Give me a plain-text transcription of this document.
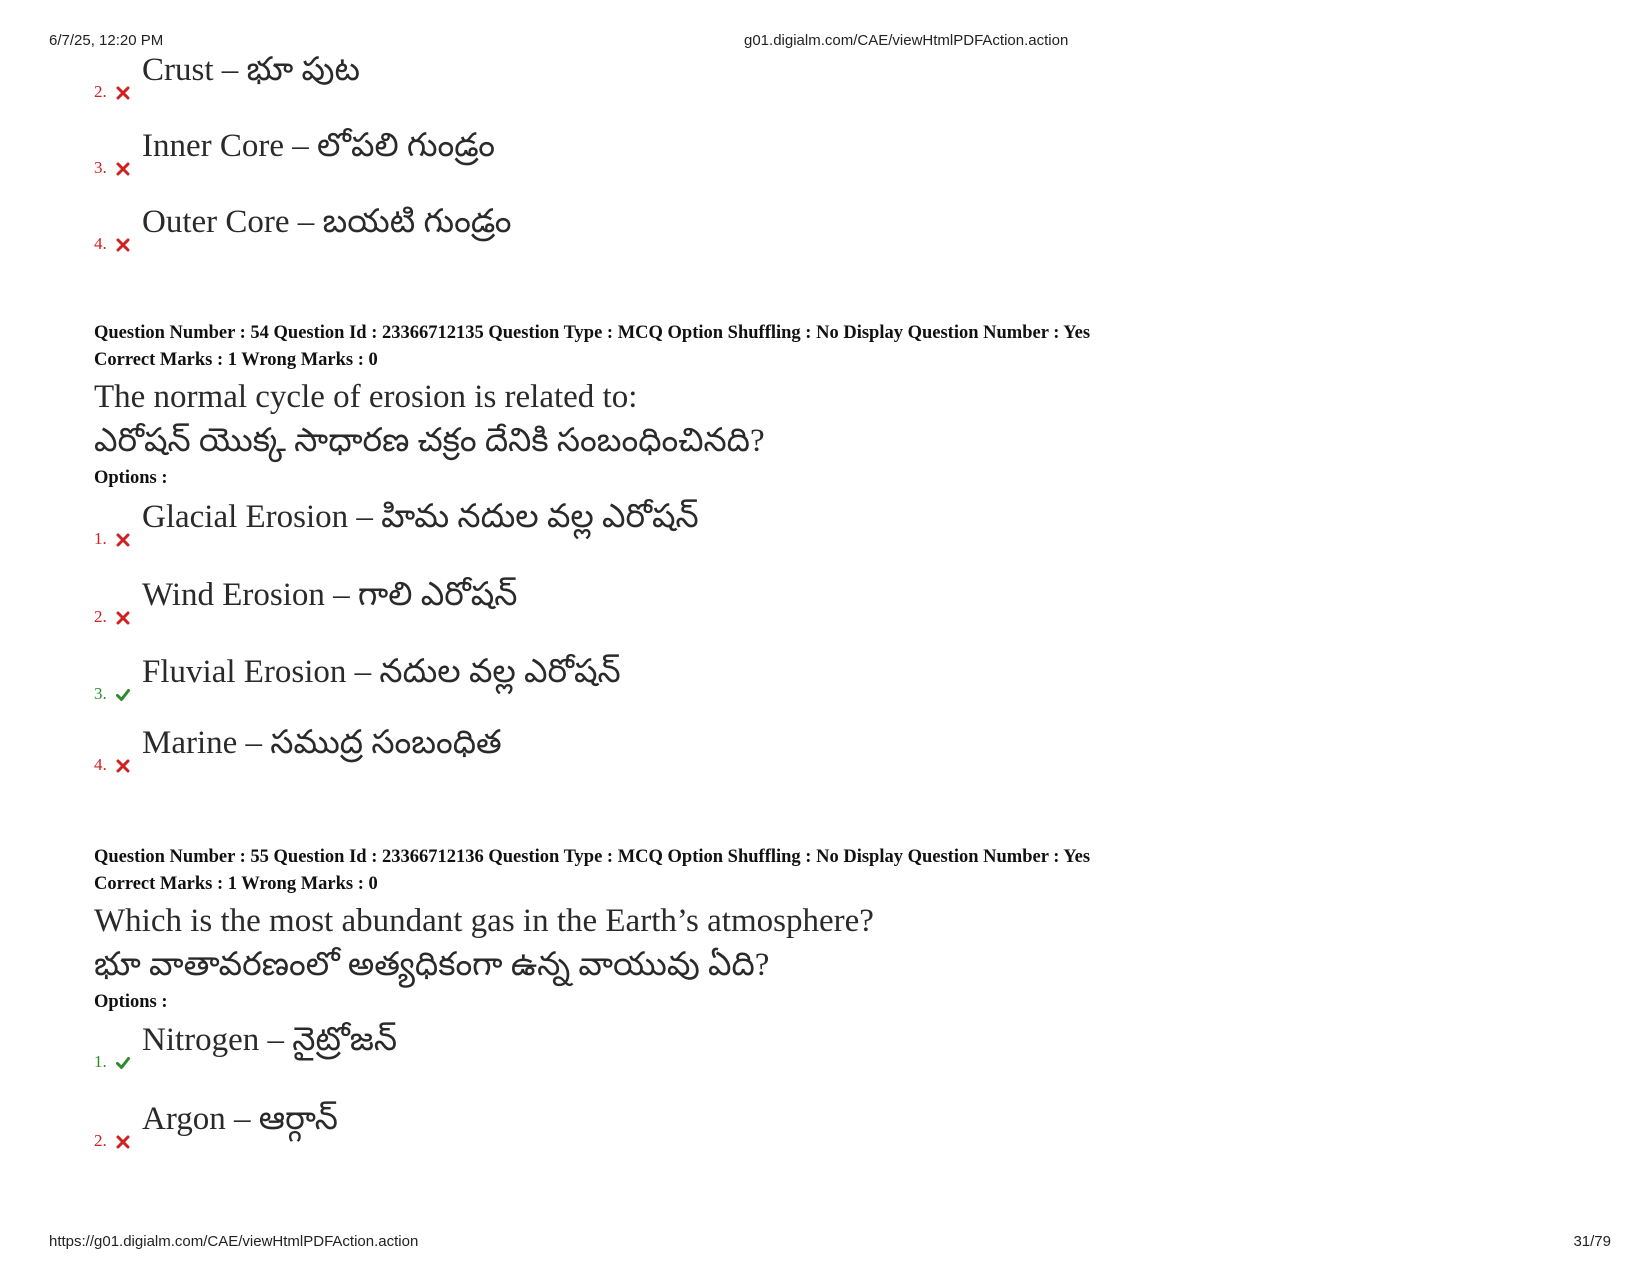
6/7/25, 12:20 PM	g01.digialm.com/CAE/viewHtmlPDFAction.action
2.
Crust – భూ పుట
3.
Inner Core – లోపలి గుండ్రం
4.
Outer Core – బయటి గుండ్రం
Question Number : 54 Question Id : 23366712135 Question Type : MCQ Option Shuffling : No Display Question Number : Yes
Correct Marks : 1 Wrong Marks : 0
The normal cycle of erosion is related to:
ఎరోషన్ యొక్క సాధారణ చక్రం దేనికి సంబంధించినది?
Options :
1.
Glacial Erosion – హిమ నదుల వల్ల ఎరోషన్
2.
Wind Erosion – గాలి ఎరోషన్
3.
Fluvial Erosion – నదుల వల్ల ఎరోషన్
4.
Marine – సముద్ర సంబంధిత
Question Number : 55 Question Id : 23366712136 Question Type : MCQ Option Shuffling : No Display Question Number : Yes
Correct Marks : 1 Wrong Marks : 0
Which is the most abundant gas in the Earth’s atmosphere?
భూ వాతావరణంలో అత్యధికంగా ఉన్న వాయువు ఏది?
Options :
1.
Nitrogen – నైట్రోజన్
2.
Argon – ఆర్గాన్
https://g01.digialm.com/CAE/viewHtmlPDFAction.action	31/79
